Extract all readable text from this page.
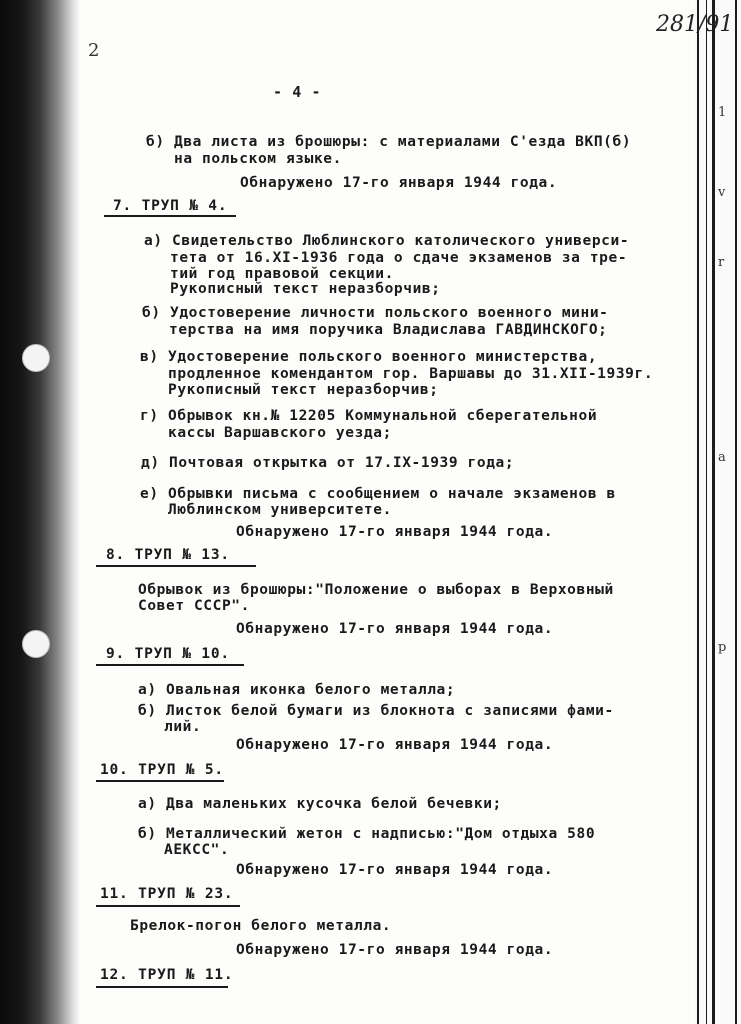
2
281/91
1
v
r
a
p
- 4 -
б) Два листа из брошюры: с материалами С'езда ВКП(б)
на польском языке.
Обнаружено 17-го января 1944 года.
7. ТРУП № 4.
а) Свидетельство Люблинского католического универси-
тета от 16.XI-1936 года о сдаче экзаменов за тре-
тий год правовой секции.
Рукописный текст неразборчив;
б) Удостоверение личности польского военного мини-
терства на имя поручика Владислава ГАВДИНСКОГО;
в) Удостоверение польского военного министерства,
продленное комендантом гор. Варшавы до 31.XII-1939г.
Рукописный текст неразборчив;
г) Обрывок кн.№ 12205 Коммунальной сберегательной
кассы Варшавского уезда;
д) Почтовая открытка от 17.IX-1939 года;
е) Обрывки письма с сообщением о начале экзаменов в
Люблинском университете.
Обнаружено 17-го января 1944 года.
8. ТРУП № 13.
Обрывок из брошюры:"Положение о выборах в Верховный
Совет СССР".
Обнаружено 17-го января 1944 года.
9. ТРУП № 10.
а) Овальная иконка белого металла;
б) Листок белой бумаги из блокнота с записями фами-
лий.
Обнаружено 17-го января 1944 года.
10. ТРУП № 5.
а) Два маленьких кусочка белой бечевки;
б) Металлический жетон с надписью:"Дом отдыха 580
АЕКСС".
Обнаружено 17-го января 1944 года.
11. ТРУП № 23.
Брелок-погон белого металла.
Обнаружено 17-го января 1944 года.
12. ТРУП № 11.
